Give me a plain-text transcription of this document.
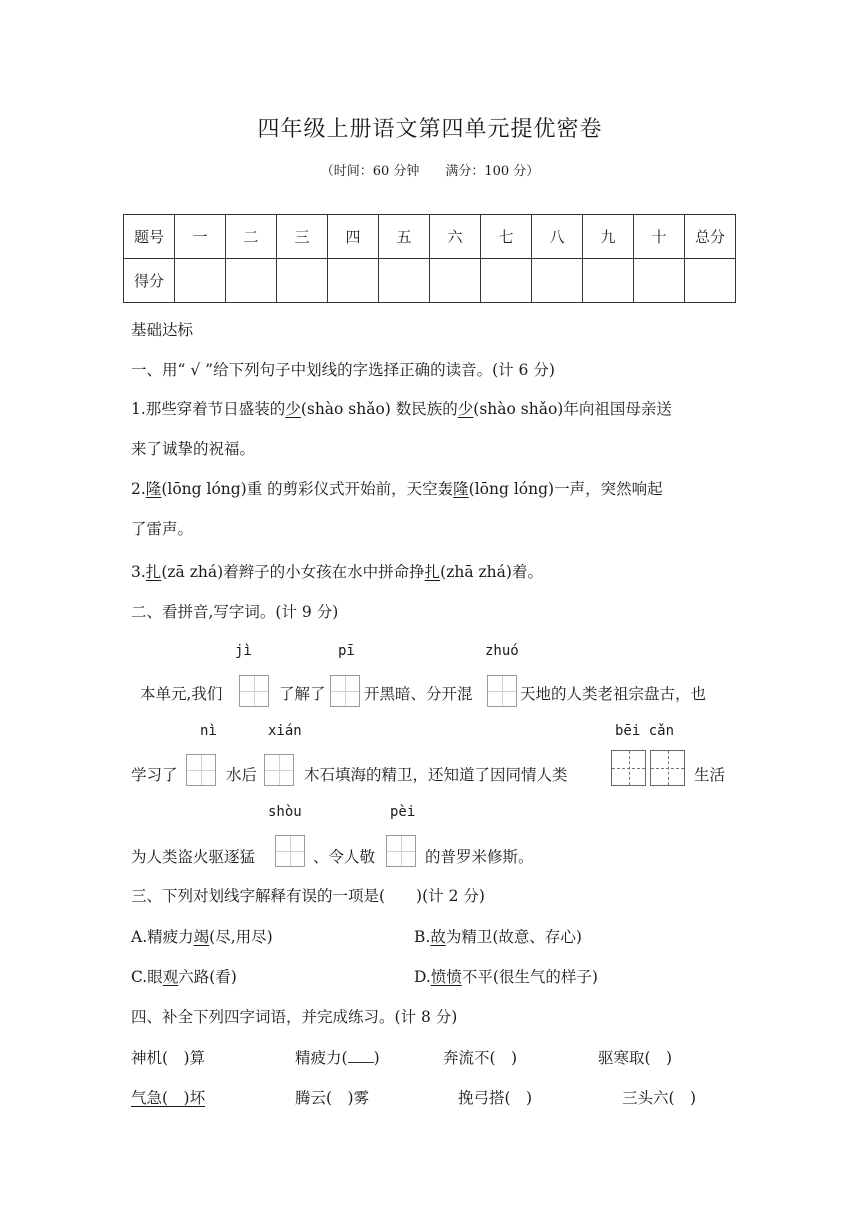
四年级上册语文第四单元提优密卷
（时间：60 分钟　　满分：100 分）
题号	一	二	三	四	五	六	七	八	九	十	总分
得分											
基础达标
一、用“ √ ”给下列句子中划线的字选择正确的读音。(计 6 分)
1.那些穿着节日盛装的少(shào shǎo) 数民族的少(shào shǎo)年向祖国母亲送
来了诚挚的祝福。
2.隆(lōng lóng)重 的剪彩仪式开始前，天空轰隆(lōng lóng)一声，突然响起
了雷声。
3.扎(zā zhá)着辫子的小女孩在水中拼命挣扎(zhā zhá)着。
二、看拼音,写字词。(计 9 分)
jì	pī	zhuó
本单元,我们	了解了 开黑暗、分开混	天地的人类老祖宗盘古，也
nì	xián	bēi cǎn
学习了	水后	木石填海的精卫，还知道了因同情人类	生活
shòu	pèi
为人类盗火驱逐猛	、令人敬	的普罗米修斯。
三、下列对划线字解释有误的一项是(　　)(计 2 分)
A.精疲力竭(尽,用尽)	B.故为精卫(故意、存心)
C.眼观六路(看)	D.愤愤不平(很生气的样子)
四、补全下列四字词语，并完成练习。(计 8 分)
神机(　)算	精疲力( )	奔流不(　)	驱寒取(　)
气急(　)坏	腾云(　)雾	挽弓搭(　)	三头六(　)
